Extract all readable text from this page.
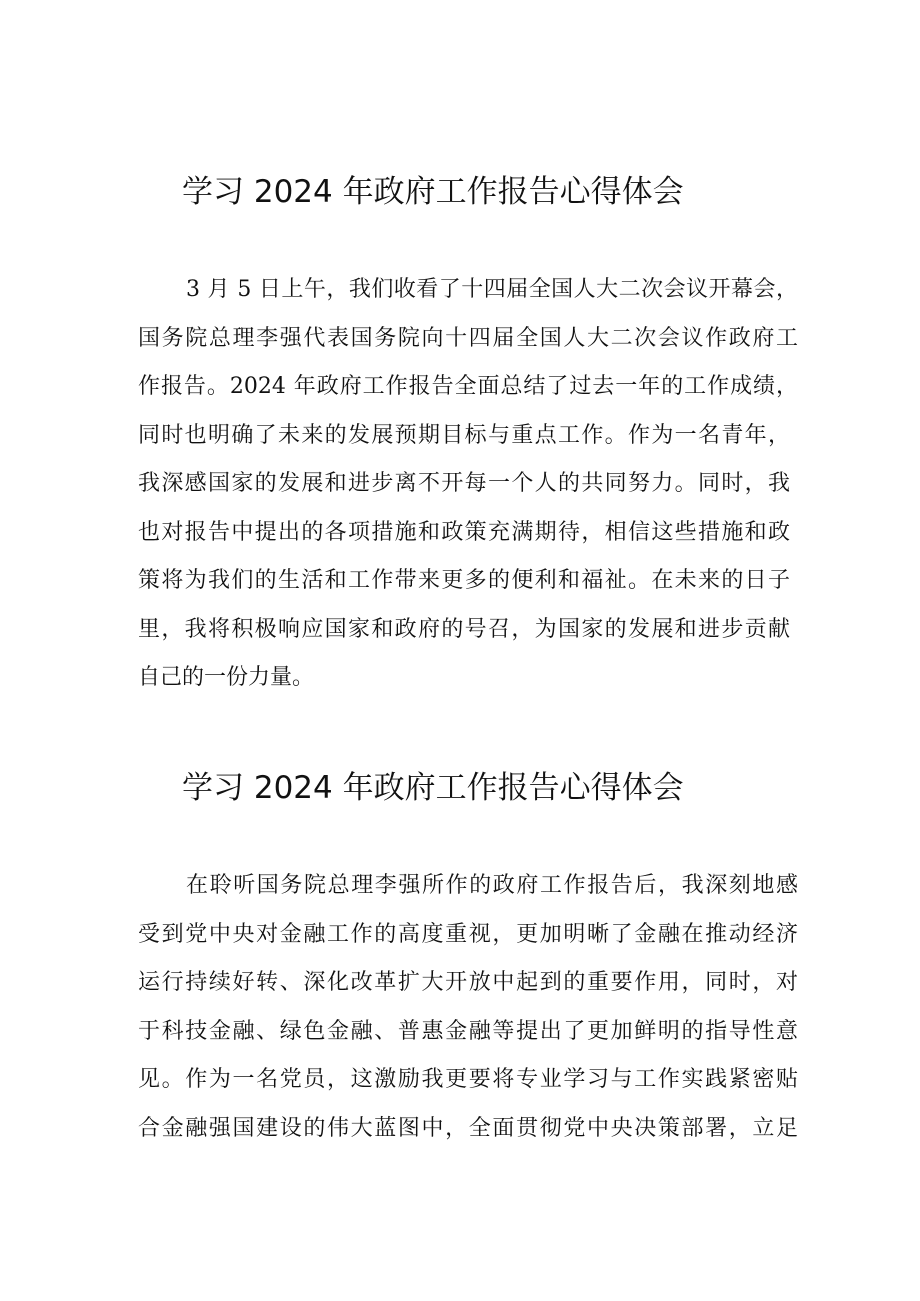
学习 2024 年政府工作报告心得体会
3 月 5 日上午，我们收看了十四届全国人大二次会议开幕会，
国务院总理李强代表国务院向十四届全国人大二次会议作政府工
作报告。2024 年政府工作报告全面总结了过去一年的工作成绩，
同时也明确了未来的发展预期目标与重点工作。作为一名青年，
我深感国家的发展和进步离不开每一个人的共同努力。同时，我
也对报告中提出的各项措施和政策充满期待，相信这些措施和政
策将为我们的生活和工作带来更多的便利和福祉。在未来的日子
里，我将积极响应国家和政府的号召，为国家的发展和进步贡献
自己的一份力量。
学习 2024 年政府工作报告心得体会
在聆听国务院总理李强所作的政府工作报告后，我深刻地感
受到党中央对金融工作的高度重视，更加明晰了金融在推动经济
运行持续好转、深化改革扩大开放中起到的重要作用，同时，对
于科技金融、绿色金融、普惠金融等提出了更加鲜明的指导性意
见。作为一名党员，这激励我更要将专业学习与工作实践紧密贴
合金融强国建设的伟大蓝图中，全面贯彻党中央决策部署，立足
